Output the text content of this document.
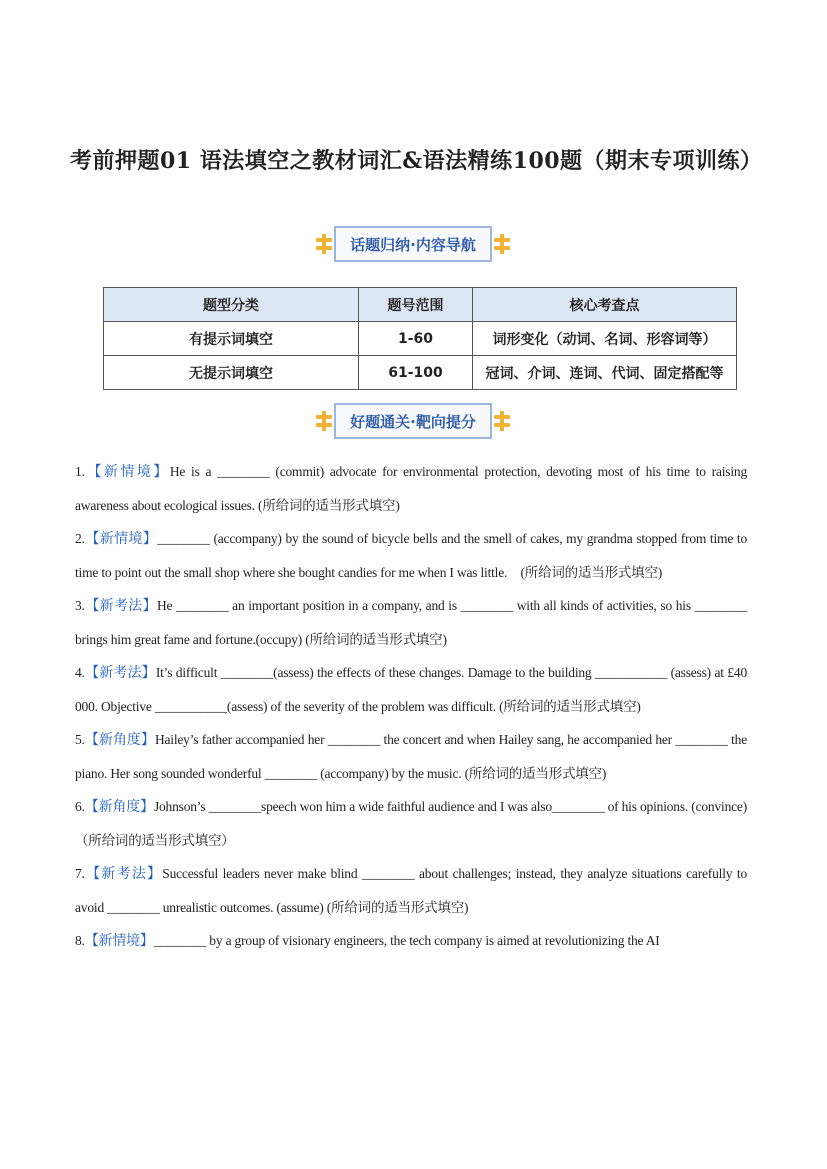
考前押题01 语法填空之教材词汇&语法精练100题（期末专项训练）
话题归纳·内容导航
题型分类	题号范围	核心考查点
有提示词填空	1-60	词形变化（动词、名词、形容词等）
无提示词填空	61-100	冠词、介词、连词、代词、固定搭配等
好题通关·靶向提分

1.【新情境】He is a ________ (commit) advocate for environmental protection, devoting most of his time to raising awareness about ecological issues. (所给词的适当形式填空)

2.【新情境】________ (accompany) by the sound of bicycle bells and the smell of cakes, my grandma stopped from time to time to point out the small shop where she bought candies for me when I was little.　(所给词的适当形式填空)

3.【新考法】He ________ an important position in a company, and is ________ with all kinds of activities, so his ________ brings him great fame and fortune.(occupy) (所给词的适当形式填空)

4.【新考法】It’s difficult ________(assess) the effects of these changes. Damage to the building ___________ (assess) at £40 000. Objective ___________(assess) of the severity of the problem was difficult. (所给词的适当形式填空)

5.【新角度】Hailey’s father accompanied her ________ the concert and when Hailey sang, he accompanied her ________ the piano. Her song sounded wonderful ________ (accompany) by the music. (所给词的适当形式填空)

6.【新角度】Johnson’s ________speech won him a wide faithful audience and I was also________ of his opinions. (convince)（所给词的适当形式填空）

7.【新考法】Successful leaders never make blind ________ about challenges; instead, they analyze situations carefully to avoid ________ unrealistic outcomes. (assume) (所给词的适当形式填空)

8.【新情境】________ by a group of visionary engineers, the tech company is aimed at revolutionizing the AI
